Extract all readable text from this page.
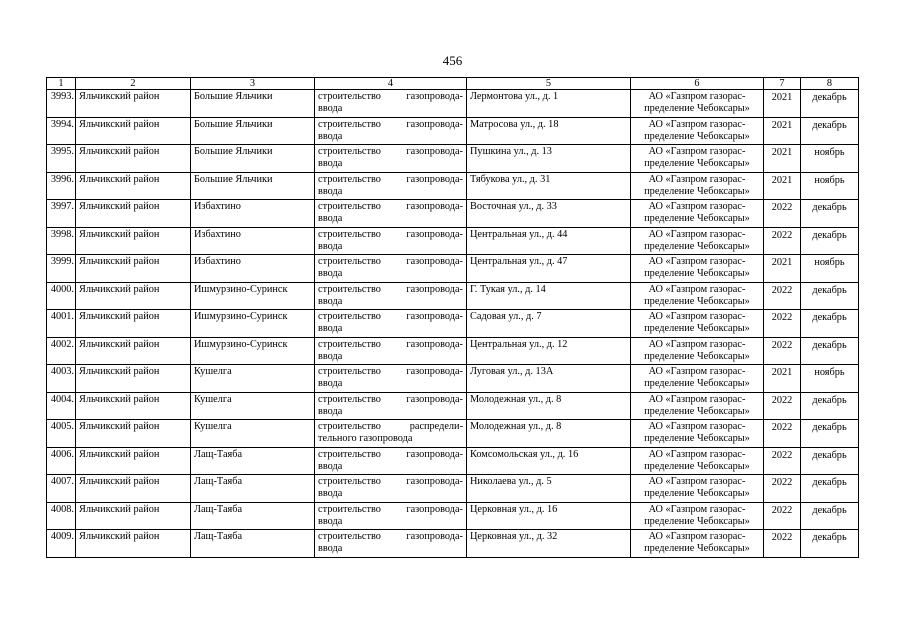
456
1	2	3	4	5	6	7	8
3993.	Яльчикский район	Большие Яльчики	строительство газопровода-ввода	Лермонтова ул., д. 1	АО «Газпром газорас-пределение Чебоксары»	2021	декабрь
3994.	Яльчикский район	Большие Яльчики	строительство газопровода-ввода	Матросова ул., д. 18	АО «Газпром газорас-пределение Чебоксары»	2021	декабрь
3995.	Яльчикский район	Большие Яльчики	строительство газопровода-ввода	Пушкина ул., д. 13	АО «Газпром газорас-пределение Чебоксары»	2021	ноябрь
3996.	Яльчикский район	Большие Яльчики	строительство газопровода-ввода	Тябукова ул., д. 31	АО «Газпром газорас-пределение Чебоксары»	2021	ноябрь
3997.	Яльчикский район	Избахтино	строительство газопровода-ввода	Восточная ул., д. 33	АО «Газпром газорас-пределение Чебоксары»	2022	декабрь
3998.	Яльчикский район	Избахтино	строительство газопровода-ввода	Центральная ул., д. 44	АО «Газпром газорас-пределение Чебоксары»	2022	декабрь
3999.	Яльчикский район	Избахтино	строительство газопровода-ввода	Центральная ул., д. 47	АО «Газпром газорас-пределение Чебоксары»	2021	ноябрь
4000.	Яльчикский район	Ишмурзино-Суринск	строительство газопровода-ввода	Г. Тукая ул., д. 14	АО «Газпром газорас-пределение Чебоксары»	2022	декабрь
4001.	Яльчикский район	Ишмурзино-Суринск	строительство газопровода-ввода	Садовая ул., д. 7	АО «Газпром газорас-пределение Чебоксары»	2022	декабрь
4002.	Яльчикский район	Ишмурзино-Суринск	строительство газопровода-ввода	Центральная ул., д. 12	АО «Газпром газорас-пределение Чебоксары»	2022	декабрь
4003.	Яльчикский район	Кушелга	строительство газопровода-ввода	Луговая ул., д. 13А	АО «Газпром газорас-пределение Чебоксары»	2021	ноябрь
4004.	Яльчикский район	Кушелга	строительство газопровода-ввода	Молодежная ул., д. 8	АО «Газпром газорас-пределение Чебоксары»	2022	декабрь
4005.	Яльчикский район	Кушелга	строительство распредели-тельного газопровода	Молодежная ул., д. 8	АО «Газпром газорас-пределение Чебоксары»	2022	декабрь
4006.	Яльчикский район	Лащ-Таяба	строительство газопровода-ввода	Комсомольская ул., д. 16	АО «Газпром газорас-пределение Чебоксары»	2022	декабрь
4007.	Яльчикский район	Лащ-Таяба	строительство газопровода-ввода	Николаева ул., д. 5	АО «Газпром газорас-пределение Чебоксары»	2022	декабрь
4008.	Яльчикский район	Лащ-Таяба	строительство газопровода-ввода	Церковная ул., д. 16	АО «Газпром газорас-пределение Чебоксары»	2022	декабрь
4009.	Яльчикский район	Лащ-Таяба	строительство газопровода-ввода	Церковная ул., д. 32	АО «Газпром газорас-пределение Чебоксары»	2022	декабрь
